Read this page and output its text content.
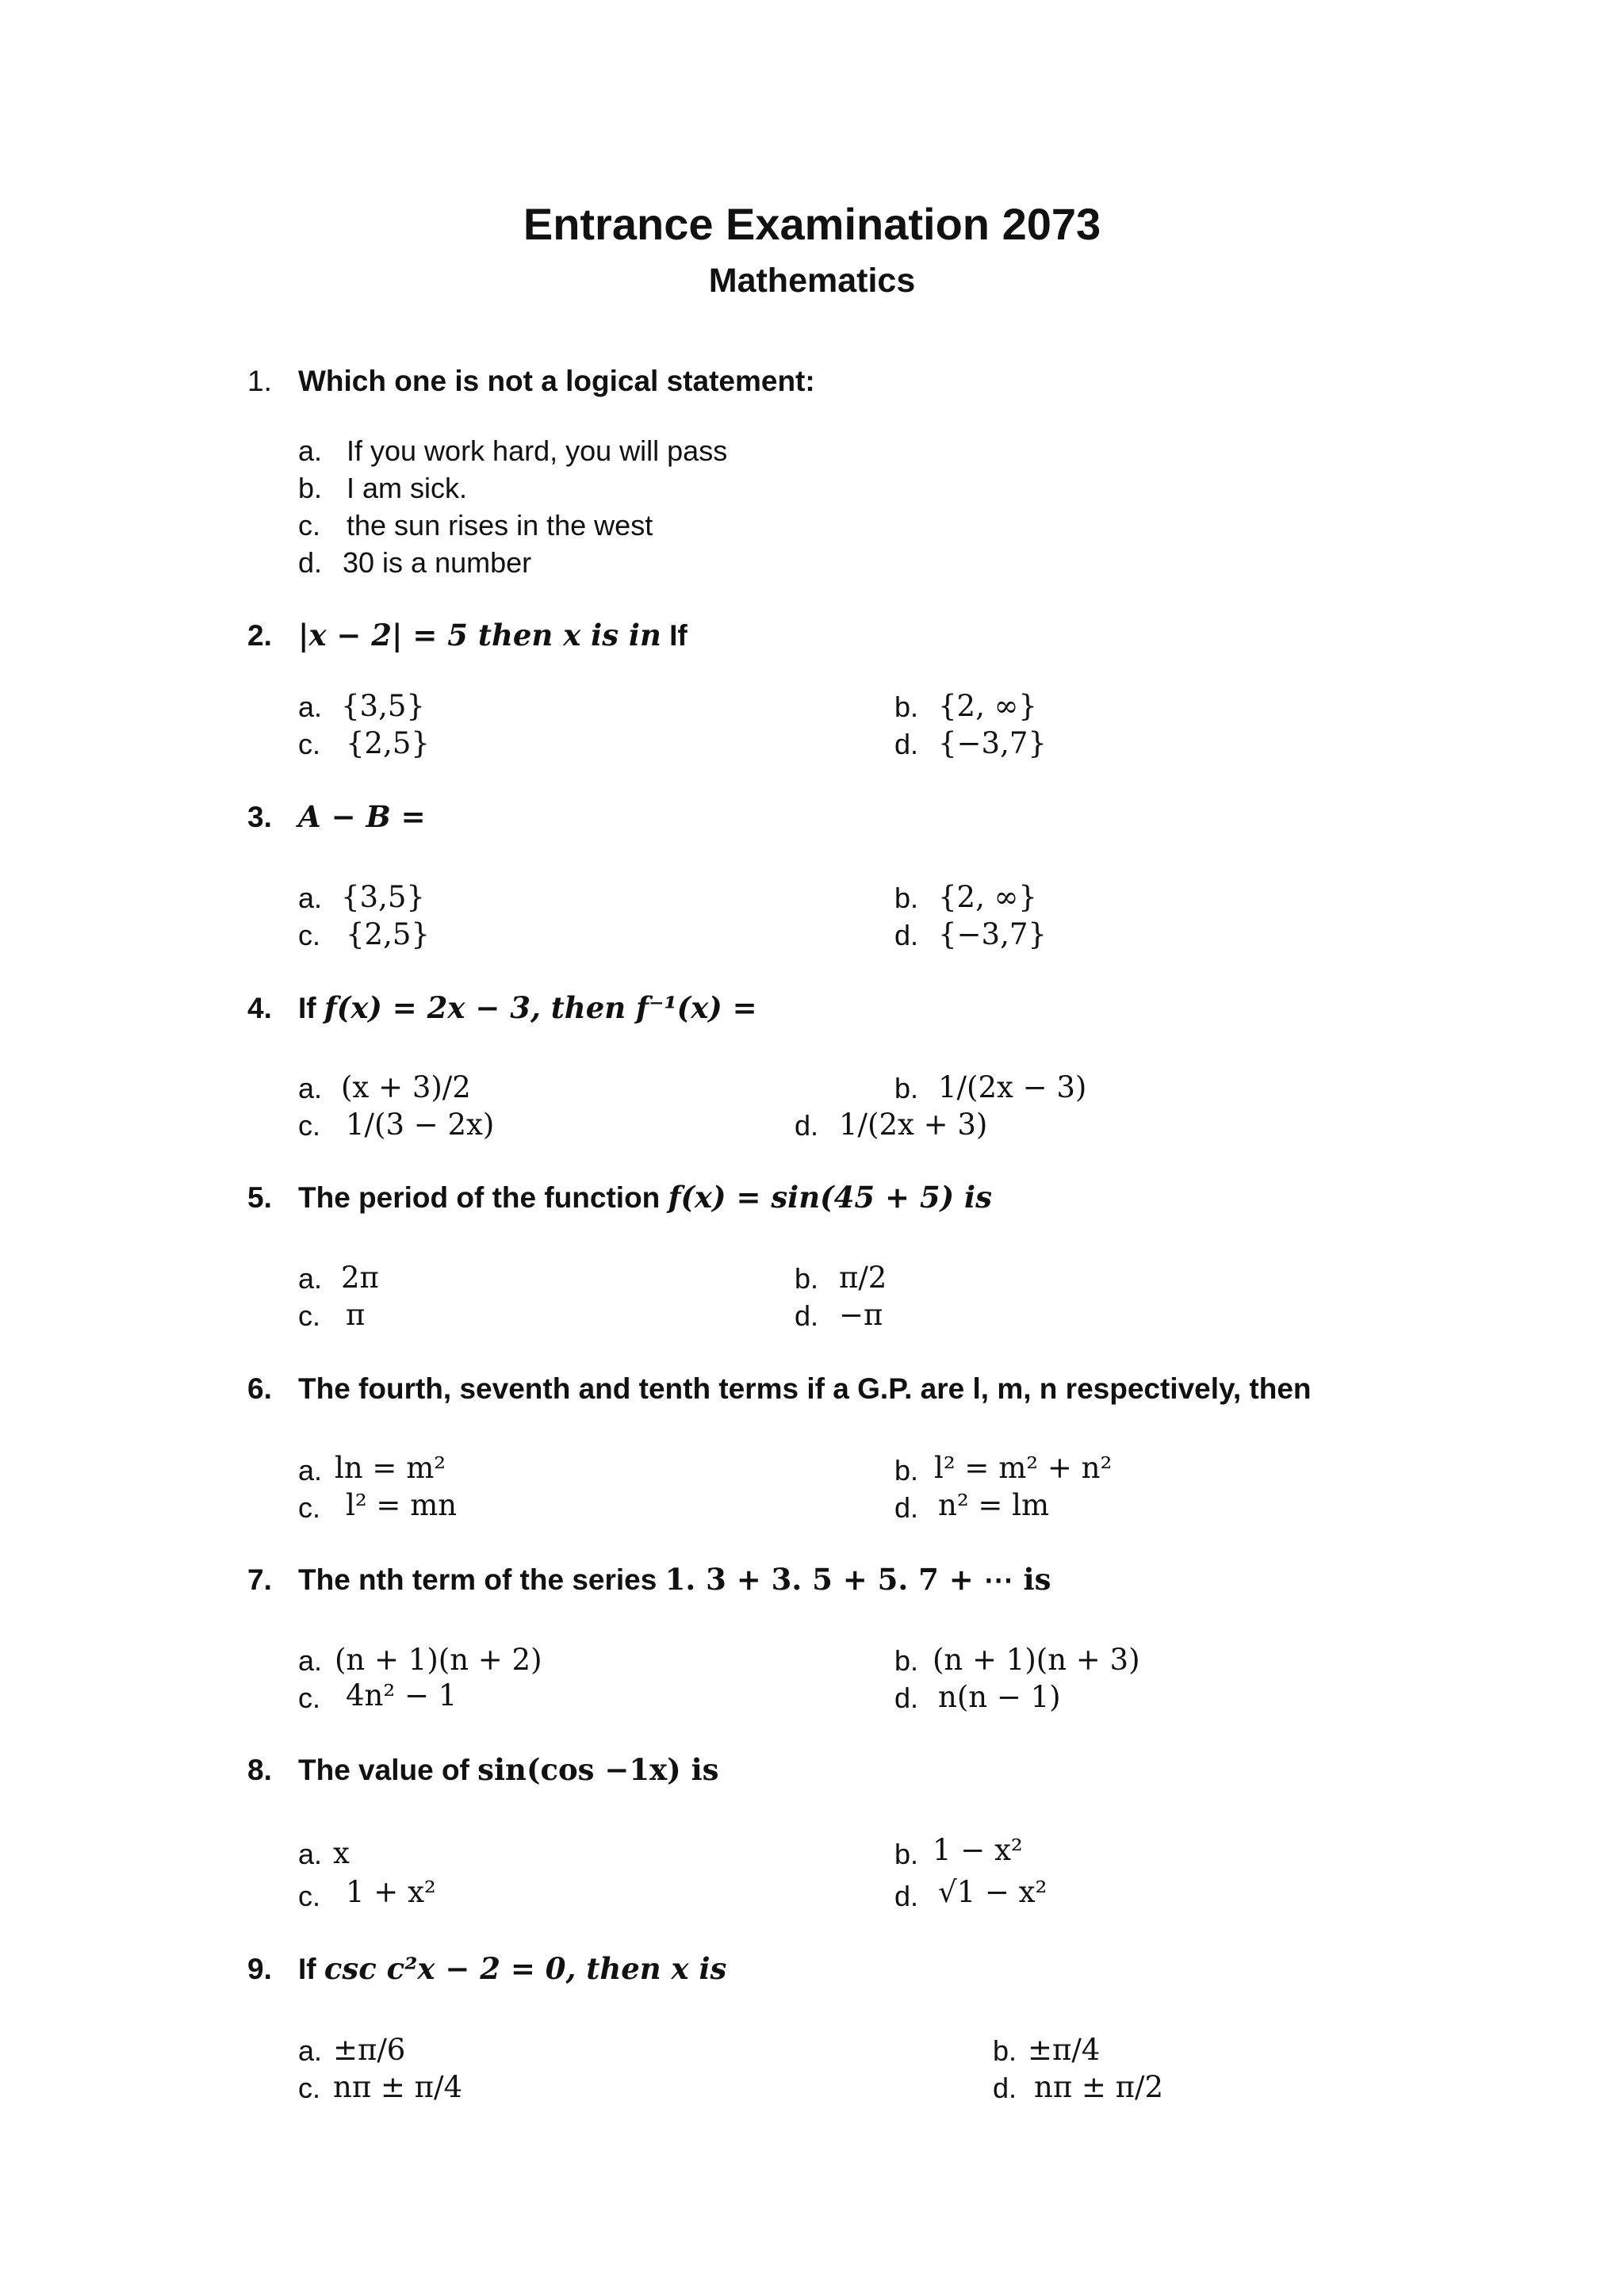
Entrance Examination 2073
Mathematics
1. Which one is not a logical statement:
a. If you work hard, you will pass
b. I am sick.
c. the sun rises in the west
d. 30 is a number
2. |x − 2| = 5 then x is in If
a. {3,5}	b. {2, ∞}
c. {2,5}	d. {−3,7}
3. A − B =
a. {3,5}	b. {2, ∞}
c. {2,5}	d. {−3,7}
4. If f(x) = 2x − 3, then f⁻¹(x) =
a. (x + 3)/2	b. 1/(2x − 3)
c. 1/(3 − 2x)	d. 1/(2x + 3)
5. The period of the function f(x) = sin(45 + 5) is
a. 2π	b. π/2
c. π	d. −π
6. The fourth, seventh and tenth terms if a G.P. are l, m, n respectively, then
a. ln = m²	b. l² = m² + n²
c. l² = mn	d. n² = lm
7. The nth term of the series 1. 3 + 3. 5 + 5. 7 + ⋯ is
a. (n + 1)(n + 2)	b. (n + 1)(n + 3)
c. 4n² − 1	d. n(n − 1)
8. The value of sin(cos −1x) is
a. x	b. 1 − x²
c. 1 + x²	d. √1 − x²
9. If csc c²x − 2 = 0, then x is
a. ±π/6	b. ±π/4
c. nπ ± π/4	d. nπ ± π/2
